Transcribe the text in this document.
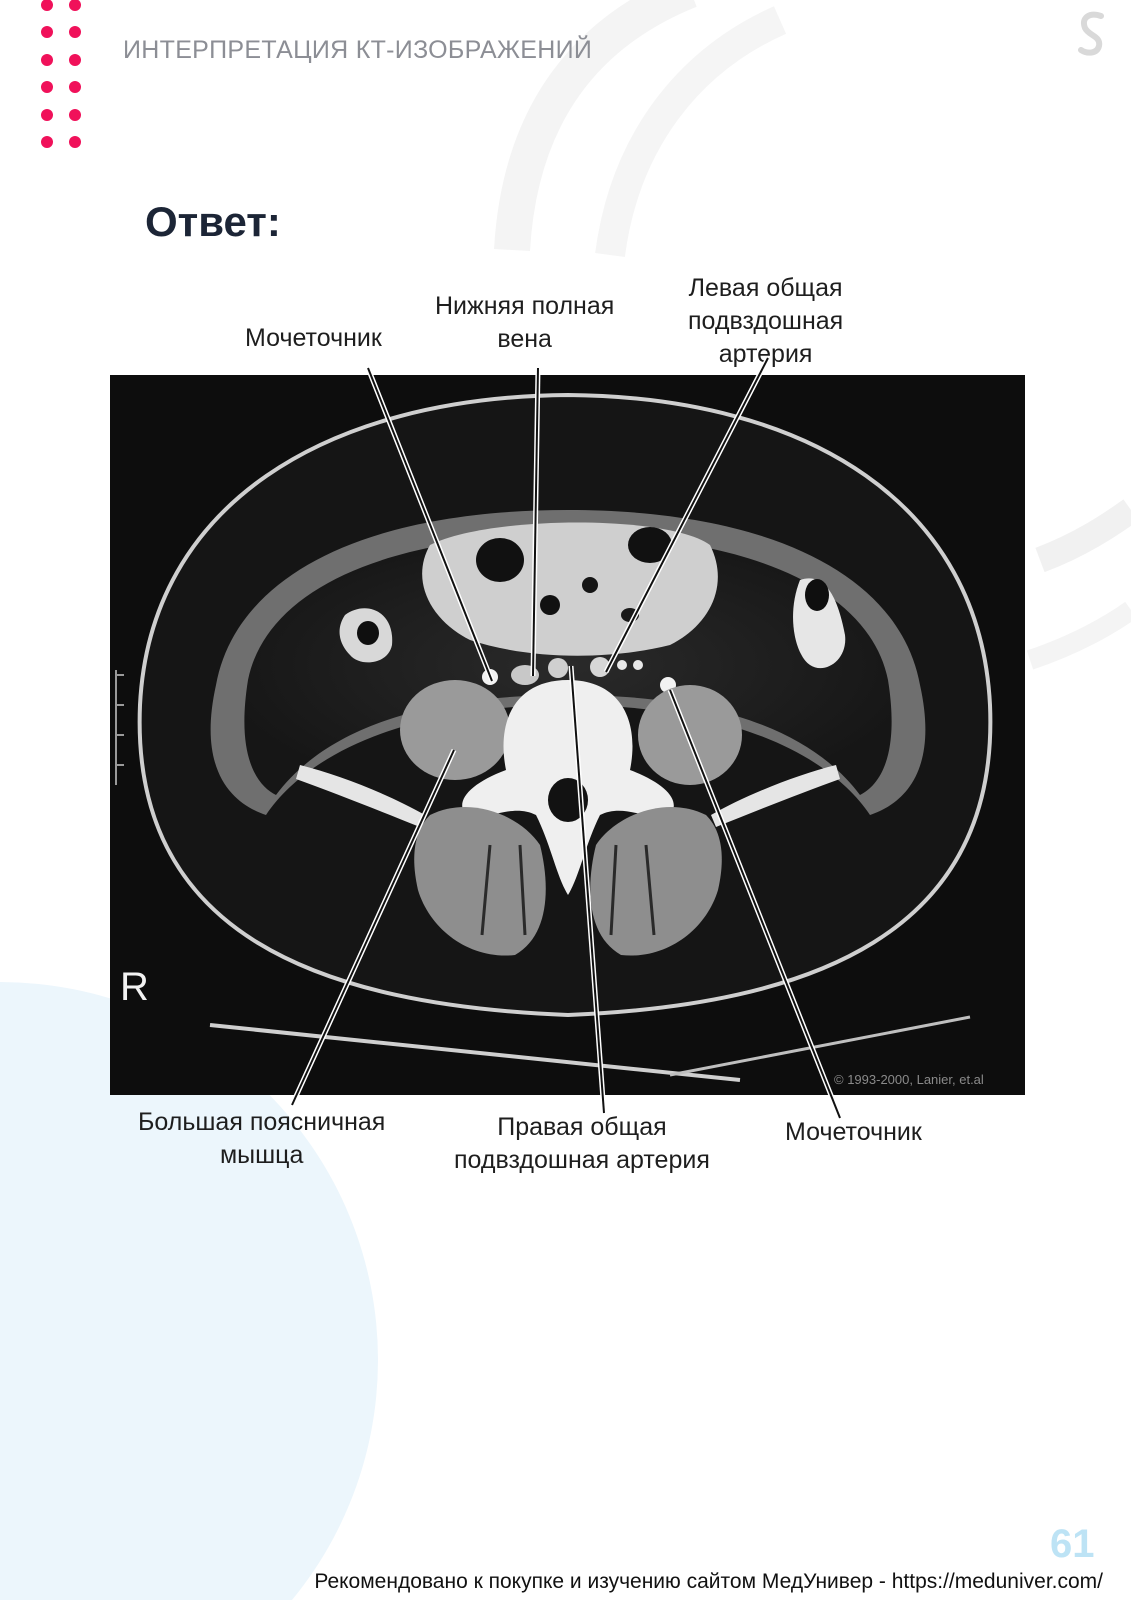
ИНТЕРПРЕТАЦИЯ КТ-ИЗОБРАЖЕНИЙ
Ответ:
R
© 1993-2000, Lanier, et.al
Мочеточник
Нижняя полная
вена
Левая общая
подвздошная
артерия
Большая поясничная
мышца
Правая общая
подвздошная артерия
Мочеточник
61
Рекомендовано к покупке и изучению сайтом МедУнивер - https://meduniver.com/
